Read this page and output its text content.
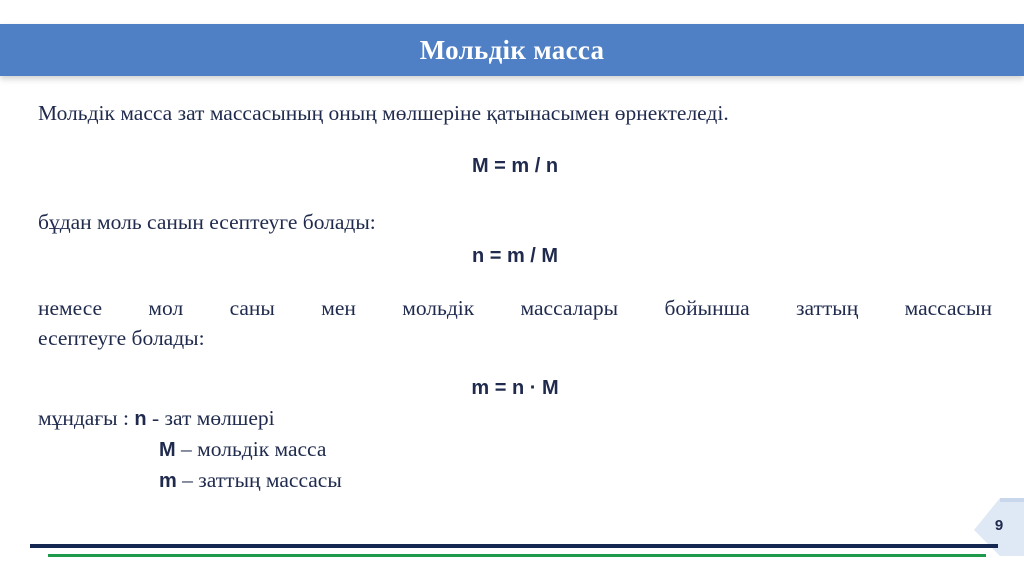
Мольдік масса
Мольдік масса зат массасының оның мөлшеріне қатынасымен өрнектеледі.
M = m / n
бұдан моль санын есептеуге болады:
n = m / M
немесе мол саны мен мольдік массалары бойынша заттың массасын
есептеуге болады:
m = n · M
мұндағы : n - зат мөлшері
M – мольдік масса
m – заттың массасы
9
